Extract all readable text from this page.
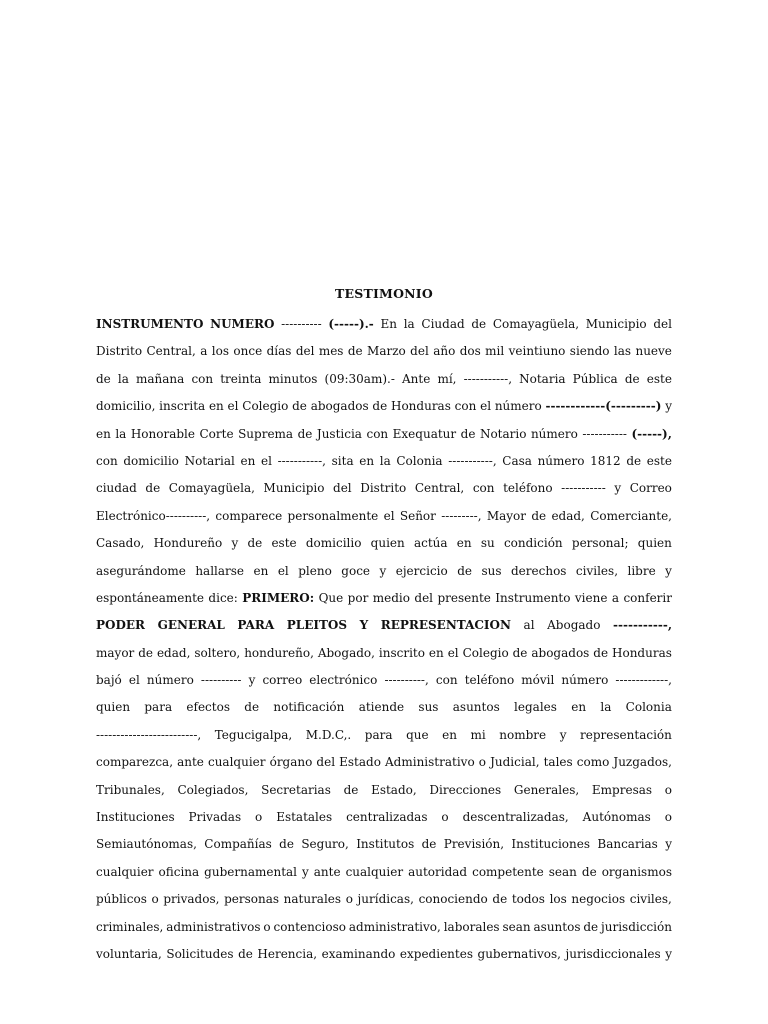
TESTIMONIO
INSTRUMENTO NUMERO ---------- (-----).- En la Ciudad de Comayagüela, Municipio del
Distrito Central, a los once días del mes de Marzo del año dos mil veintiuno siendo las nueve
de la mañana con treinta minutos (09:30am).- Ante mí, -----------, Notaria Pública de este
domicilio, inscrita en el Colegio de abogados de Honduras con el número ------------(---------) y
en la Honorable Corte Suprema de Justicia con Exequatur de Notario número ----------- (-----),
con domicilio Notarial en el -----------, sita en la Colonia -----------, Casa número 1812 de este
ciudad de Comayagüela, Municipio del Distrito Central, con teléfono ----------- y Correo
Electrónico----------, comparece personalmente el Señor ---------, Mayor de edad, Comerciante,
Casado, Hondureño y de este domicilio quien actúa en su condición personal; quien
asegurándome hallarse en el pleno goce y ejercicio de sus derechos civiles, libre y
espontáneamente dice: PRIMERO: Que por medio del presente Instrumento viene a conferir
PODER GENERAL PARA PLEITOS Y REPRESENTACION al Abogado -----------,
mayor de edad, soltero, hondureño, Abogado, inscrito en el Colegio de abogados de Honduras
bajó el número ---------- y correo electrónico ----------, con teléfono móvil número -------------,
quien para efectos de notificación atiende sus asuntos legales en la Colonia
-------------------------, Tegucigalpa, M.D.C,. para que en mi nombre y representación
comparezca, ante cualquier órgano del Estado Administrativo o Judicial, tales como Juzgados,
Tribunales, Colegiados, Secretarias de Estado, Direcciones Generales, Empresas o
Instituciones Privadas o Estatales centralizadas o descentralizadas, Autónomas o
Semiautónomas, Compañías de Seguro, Institutos de Previsión, Instituciones Bancarias y
cualquier oficina gubernamental y ante cualquier autoridad competente sean de organismos
públicos o privados, personas naturales o jurídicas, conociendo de todos los negocios civiles,
criminales, administrativos o contencioso administrativo, laborales sean asuntos de jurisdicción
voluntaria, Solicitudes de Herencia, examinando expedientes gubernativos, jurisdiccionales y
